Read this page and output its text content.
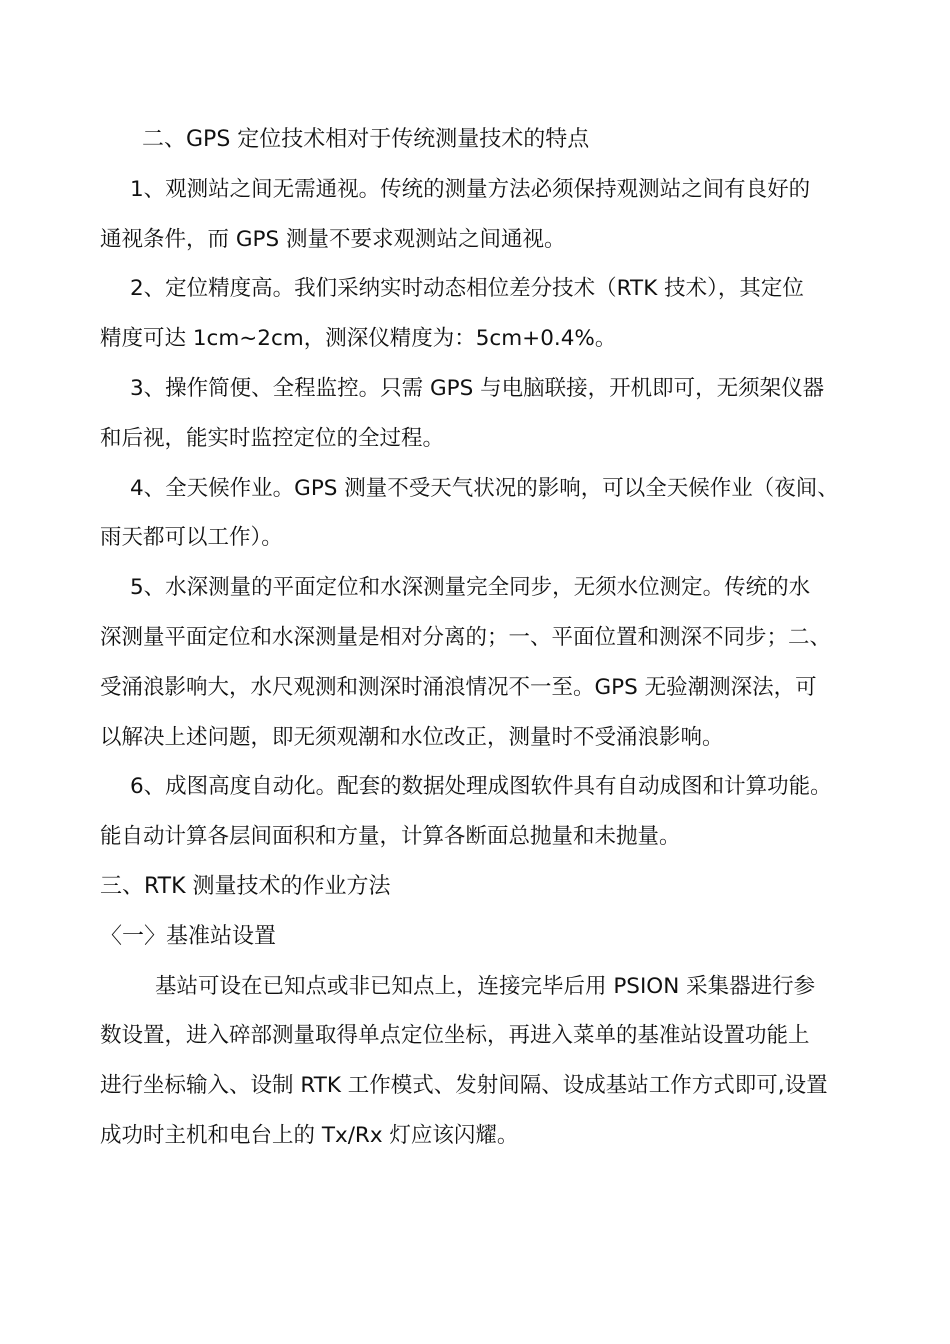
二、GPS 定位技术相对于传统测量技术的特点
1、观测站之间无需通视。传统的测量方法必须保持观测站之间有良好的
通视条件，而 GPS 测量不要求观测站之间通视。
2、定位精度高。我们采纳实时动态相位差分技术（RTK 技术），其定位
精度可达 1cm~2cm，测深仪精度为：5cm+0.4%。
3、操作简便、全程监控。只需 GPS 与电脑联接，开机即可，无须架仪器
和后视，能实时监控定位的全过程。
4、全天候作业。GPS 测量不受天气状况的影响，可以全天候作业（夜间、
雨天都可以工作）。
5、水深测量的平面定位和水深测量完全同步，无须水位测定。传统的水
深测量平面定位和水深测量是相对分离的；一、平面位置和测深不同步；二、
受涌浪影响大，水尺观测和测深时涌浪情况不一至。GPS 无验潮测深法，可
以解决上述问题，即无须观潮和水位改正，测量时不受涌浪影响。
6、成图高度自动化。配套的数据处理成图软件具有自动成图和计算功能。
能自动计算各层间面积和方量，计算各断面总抛量和未抛量。
三、RTK 测量技术的作业方法
〈一〉基准站设置
基站可设在已知点或非已知点上，连接完毕后用 PSION 采集器进行参
数设置，进入碎部测量取得单点定位坐标，再进入菜单的基准站设置功能上
进行坐标输入、设制 RTK 工作模式、发射间隔、设成基站工作方式即可,设置
成功时主机和电台上的 Tx/Rx 灯应该闪耀。
